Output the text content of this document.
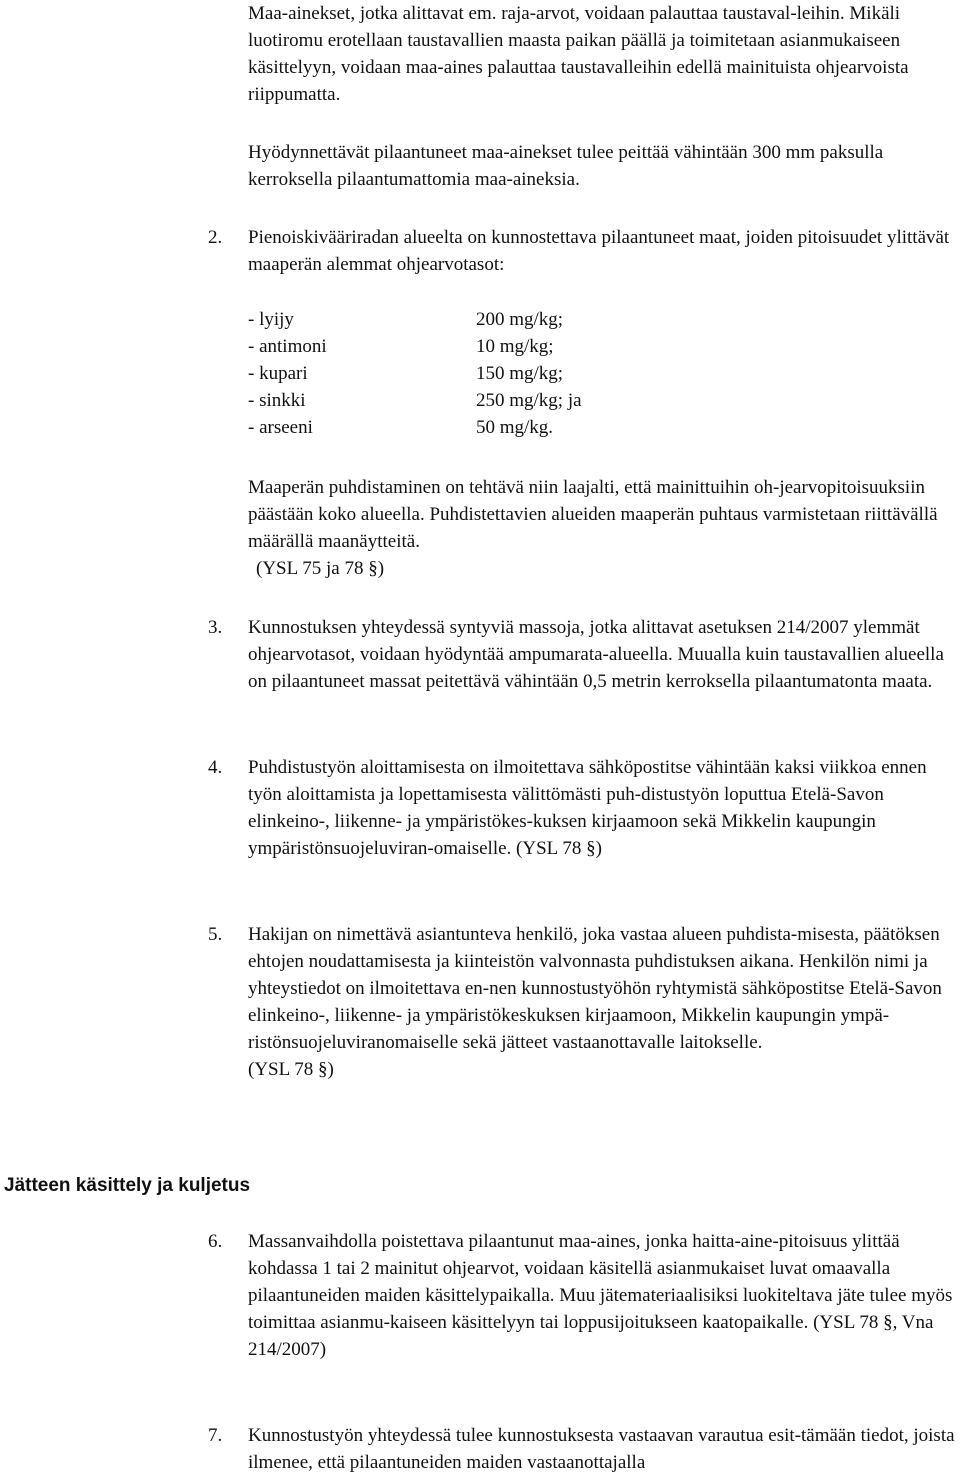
Maa-ainekset, jotka alittavat em. raja-arvot, voidaan palauttaa taustaval-leihin. Mikäli luotiromu erotellaan taustavallien maasta paikan päällä ja toimitetaan asianmukaiseen käsittelyyn, voidaan maa-aines palauttaa taustavalleihin edellä mainituista ohjearvoista riippumatta.

Hyödynnettävät pilaantuneet maa-ainekset tulee peittää vähintään 300 mm paksulla kerroksella pilaantumattomia maa-aineksia.

2. Pienoiskivääriradan alueelta on kunnostettava pilaantuneet maat, joiden pitoisuudet ylittävät maaperän alemmat ohjearvotasot:
- lyijy	200 mg/kg;
- antimoni	10 mg/kg;
- kupari	150 mg/kg;
- sinkki	250 mg/kg; ja
- arseeni	50 mg/kg.
Maaperän puhdistaminen on tehtävä niin laajalti, että mainittuihin oh-jearvopitoisuuksiin päästään koko alueella. Puhdistettavien alueiden maaperän puhtaus varmistetaan riittävällä määrällä maanäytteitä.
(YSL 75 ja 78 §)
3. Kunnostuksen yhteydessä syntyviä massoja, jotka alittavat asetuksen 214/2007 ylemmät ohjearvotasot, voidaan hyödyntää ampumarata-alueella. Muualla kuin taustavallien alueella on pilaantuneet massat peitettävä vähintään 0,5 metrin kerroksella pilaantumatonta maata.
4. Puhdistustyön aloittamisesta on ilmoitettava sähköpostitse vähintään kaksi viikkoa ennen työn aloittamista ja lopettamisesta välittömästi puh-distustyön loputtua Etelä-Savon elinkeino-, liikenne- ja ympäristökes-kuksen kirjaamoon sekä Mikkelin kaupungin ympäristönsuojeluviran-omaiselle. (YSL 78 §)
5. Hakijan on nimettävä asiantunteva henkilö, joka vastaa alueen puhdista-misesta, päätöksen ehtojen noudattamisesta ja kiinteistön valvonnasta puhdistuksen aikana. Henkilön nimi ja yhteystiedot on ilmoitettava en-nen kunnostustyöhön ryhtymistä sähköpostitse Etelä-Savon elinkeino-, liikenne- ja ympäristökeskuksen kirjaamoon, Mikkelin kaupungin ympä-ristönsuojeluviranomaiselle sekä jätteet vastaanottavalle laitokselle.
(YSL 78 §)
Jätteen käsittely ja kuljetus
6. Massanvaihdolla poistettava pilaantunut maa-aines, jonka haitta-aine-pitoisuus ylittää kohdassa 1 tai 2 mainitut ohjearvot, voidaan käsitellä asianmukaiset luvat omaavalla pilaantuneiden maiden käsittelypaikalla. Muu jätemateriaalisiksi luokiteltava jäte tulee myös toimittaa asianmu-kaiseen käsittelyyn tai loppusijoitukseen kaatopaikalle. (YSL 78 §, Vna 214/2007)
7. Kunnostustyön yhteydessä tulee kunnostuksesta vastaavan varautua esit-tämään tiedot, joista ilmenee, että pilaantuneiden maiden vastaanottajalla
